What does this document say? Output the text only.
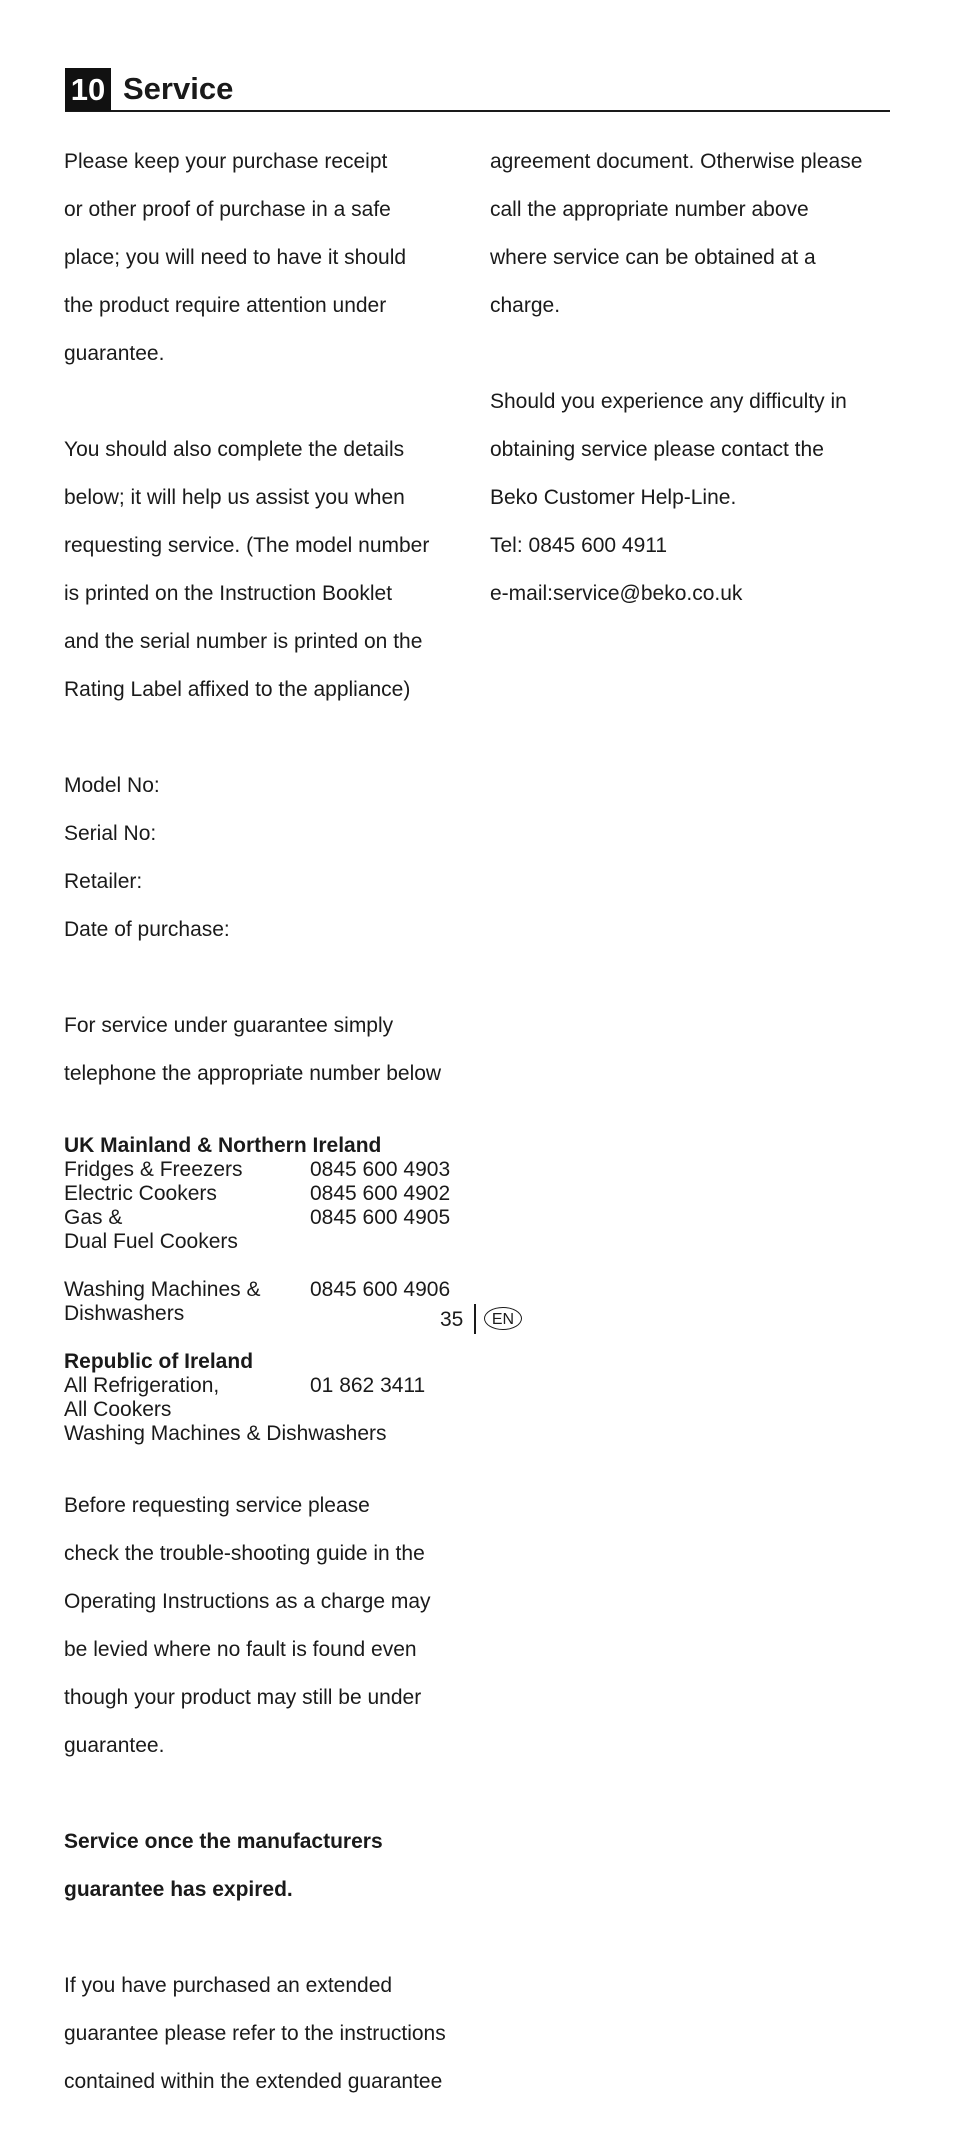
10 Service

Please keep your purchase receipt

or other proof of purchase in a safe

place; you will need to have it should

the product require attention under

guarantee.

You should also complete the details

below; it will help us assist you when

requesting service. (The model number

is printed on the Instruction Booklet

and the serial number is printed on the

Rating Label affixed to the appliance)

Model No:

Serial No:

Retailer:

Date of purchase:

For service under guarantee simply

telephone the appropriate number below

UK Mainland & Northern Ireland
Fridges & Freezers	0845 600 4903
Electric Cookers	0845 600 4902
Gas &	0845 600 4905
Dual Fuel Cookers
Washing Machines &	0845 600 4906
Dishwashers
Republic of Ireland
All Refrigeration,	01 862 3411
All Cookers
Washing Machines & Dishwashers

Before requesting service please

check the trouble-shooting guide in the

Operating Instructions as a charge may

be levied where no fault is found even

though your product may still be under

guarantee.

Service once the manufacturers

guarantee has expired.

If you have purchased an extended

guarantee please refer to the instructions

contained within the extended guarantee

agreement document. Otherwise please

call the appropriate number above

where service can be obtained at a

charge.

Should you experience any difficulty in

obtaining service please contact the

Beko Customer Help-Line.

Tel: 0845 600 4911

e-mail:service@beko.co.uk

35	EN
